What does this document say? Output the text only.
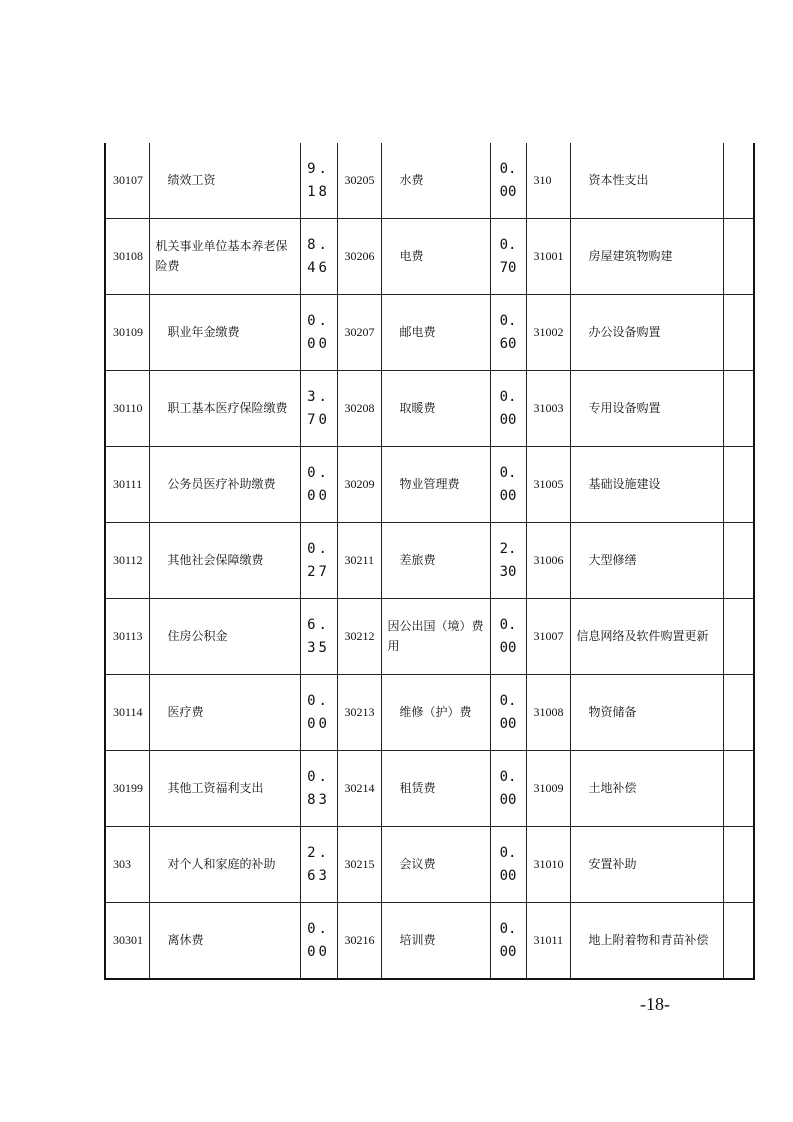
30107	绩效工资	9.18	30205	水费	0.00	310	资本性支出	
30108	机关事业单位基本养老保险费	8.46	30206	电费	0.70	31001	房屋建筑物购建	
30109	职业年金缴费	0.00	30207	邮电费	0.60	31002	办公设备购置	
30110	职工基本医疗保险缴费	3.70	30208	取暖费	0.00	31003	专用设备购置	
30111	公务员医疗补助缴费	0.00	30209	物业管理费	0.00	31005	基础设施建设	
30112	其他社会保障缴费	0.27	30211	差旅费	2.30	31006	大型修缮	
30113	住房公积金	6.35	30212	因公出国（境）费用	0.00	31007	信息网络及软件购置更新	
30114	医疗费	0.00	30213	维修（护）费	0.00	31008	物资储备	
30199	其他工资福利支出	0.83	30214	租赁费	0.00	31009	土地补偿	
303	对个人和家庭的补助	2.63	30215	会议费	0.00	31010	安置补助	
30301	离休费	0.00	30216	培训费	0.00	31011	地上附着物和青苗补偿	
-18-
